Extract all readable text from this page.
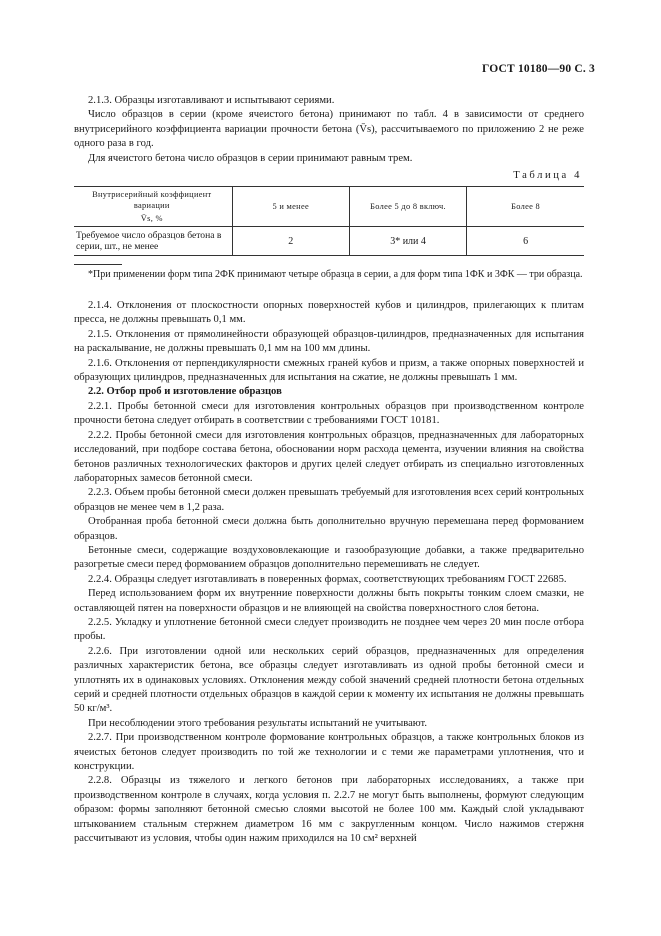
ГОСТ 10180—90 С. 3

2.1.3. Образцы изготавливают и испытывают сериями.

Число образцов в серии (кроме ячеистого бетона) принимают по табл. 4 в зависимости от среднего внутрисерийного коэффициента вариации прочности бетона (V̄s), рассчитываемого по приложению 2 не реже одного раза в год.

Для ячеистого бетона число образцов в серии принимают равным трем.

Таблица 4
Внутрисерийный коэффициент вариации
V̄s, %	5 и менее	Более 5 до 8 включ.	Более 8
Требуемое число образцов бетона в серии, шт., не менее	2	3* или 4	6

*При применении форм типа 2ФК принимают четыре образца в серии, а для форм типа 1ФК и 3ФК — три образца.

2.1.4. Отклонения от плоскостности опорных поверхностей кубов и цилиндров, прилегающих к плитам пресса, не должны превышать 0,1 мм.

2.1.5. Отклонения от прямолинейности образующей образцов-цилиндров, предназначенных для испытания на раскалывание, не должны превышать 0,1 мм на 100 мм длины.

2.1.6. Отклонения от перпендикулярности смежных граней кубов и призм, а также опорных поверхностей и образующих цилиндров, предназначенных для испытания на сжатие, не должны превышать 1 мм.

2.2. Отбор проб и изготовление образцов

2.2.1. Пробы бетонной смеси для изготовления контрольных образцов при производственном контроле прочности бетона следует отбирать в соответствии с требованиями ГОСТ 10181.

2.2.2. Пробы бетонной смеси для изготовления контрольных образцов, предназначенных для лабораторных исследований, при подборе состава бетона, обосновании норм расхода цемента, изучении влияния на свойства бетонов различных технологических факторов и других целей следует отбирать из специально изготовленных лабораторных замесов бетонной смеси.

2.2.3. Объем пробы бетонной смеси должен превышать требуемый для изготовления всех серий контрольных образцов не менее чем в 1,2 раза.

Отобранная проба бетонной смеси должна быть дополнительно вручную перемешана перед формованием образцов.

Бетонные смеси, содержащие воздухововлекающие и газообразующие добавки, а также предварительно разогретые смеси перед формованием образцов дополнительно перемешивать не следует.

2.2.4. Образцы следует изготавливать в поверенных формах, соответствующих требованиям ГОСТ 22685.

Перед использованием форм их внутренние поверхности должны быть покрыты тонким слоем смазки, не оставляющей пятен на поверхности образцов и не влияющей на свойства поверхностного слоя бетона.

2.2.5. Укладку и уплотнение бетонной смеси следует производить не позднее чем через 20 мин после отбора пробы.

2.2.6. При изготовлении одной или нескольких серий образцов, предназначенных для определения различных характеристик бетона, все образцы следует изготавливать из одной пробы бетонной смеси и уплотнять их в одинаковых условиях. Отклонения между собой значений средней плотности бетона отдельных серий и средней плотности отдельных образцов в каждой серии к моменту их испытания не должны превышать 50 кг/м³.

При несоблюдении этого требования результаты испытаний не учитывают.

2.2.7. При производственном контроле формование контрольных образцов, а также контрольных блоков из ячеистых бетонов следует производить по той же технологии и с теми же параметрами уплотнения, что и конструкции.

2.2.8. Образцы из тяжелого и легкого бетонов при лабораторных исследованиях, а также при производственном контроле в случаях, когда условия п. 2.2.7 не могут быть выполнены, формуют следующим образом: формы заполняют бетонной смесью слоями высотой не более 100 мм. Каждый слой укладывают штыкованием стальным стержнем диаметром 16 мм с закругленным концом. Число нажимов стержня рассчитывают из условия, чтобы один нажим приходился на 10 см² верхней
